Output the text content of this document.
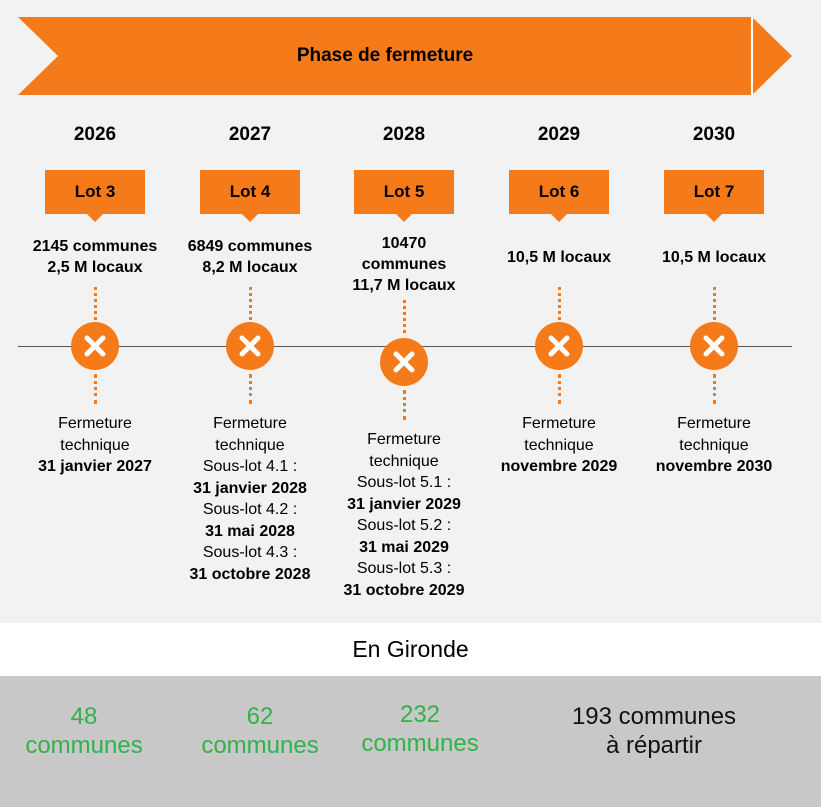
Phase de fermeture
En Gironde
48
communes
62
communes
232
communes
193 communes
à répartir
2026
Lot 3
2145 communes
2,5 M locaux
Fermeture
technique
31 janvier 2027
2027
Lot 4
6849 communes
8,2 M locaux
Fermeture
technique
Sous-lot 4.1 :
31 janvier 2028
Sous-lot 4.2 :
31 mai 2028
Sous-lot 4.3 :
31 octobre 2028
2028
Lot 5
10470
communes
11,7 M locaux
Fermeture
technique
Sous-lot 5.1 :
31 janvier 2029
Sous-lot 5.2 :
31 mai 2029
Sous-lot 5.3 :
31 octobre 2029
2029
Lot 6
10,5 M locaux
Fermeture
technique
novembre 2029
2030
Lot 7
10,5 M locaux
Fermeture
technique
novembre 2030
